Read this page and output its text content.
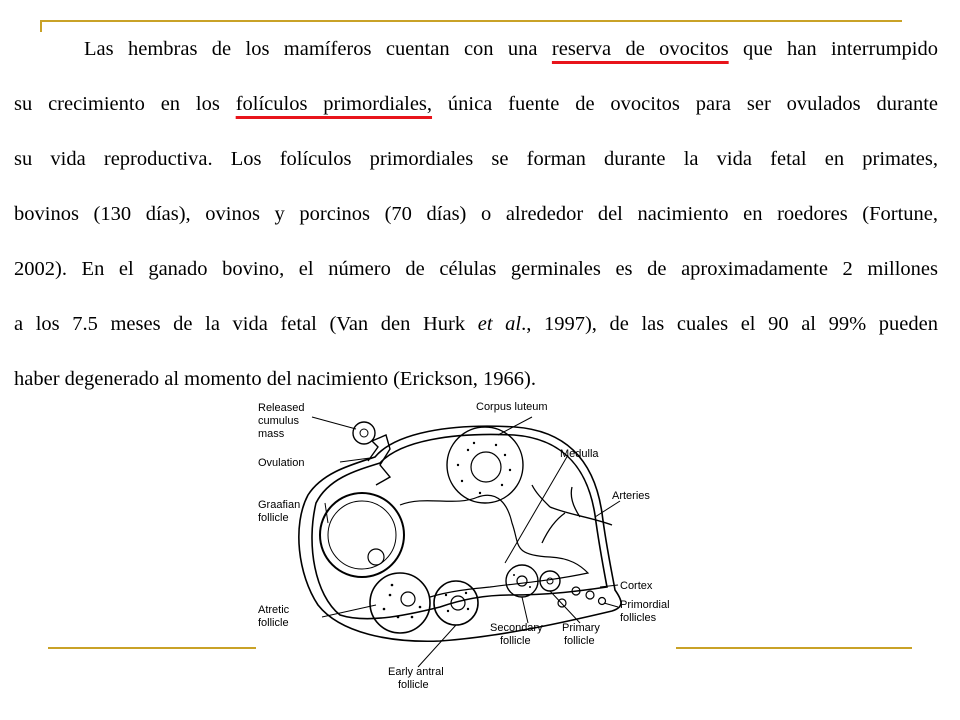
Las hembras de los mamíferos cuentan con una reserva de ovocitos que han interrumpido
su crecimiento en los folículos primordiales, única fuente de ovocitos para ser ovulados durante
su vida reproductiva. Los folículos primordiales se forman durante la vida fetal en primates,
bovinos (130 días), ovinos y porcinos (70 días) o alrededor del nacimiento en roedores (Fortune,
2002). En el ganado bovino, el número de células germinales es de aproximadamente 2 millones
a los 7.5 meses de la vida fetal (Van den Hurk et al., 1997), de las cuales el 90 al 99% pueden
haber degenerado al momento del nacimiento (Erickson, 1966).
Released
cumulus
mass
Corpus luteum
Ovulation
Medulla
Graafian
follicle
Arteries
Cortex
Atretic
follicle
Primordial
follicles
Secondary
follicle
Primary
follicle
Early antral
follicle
